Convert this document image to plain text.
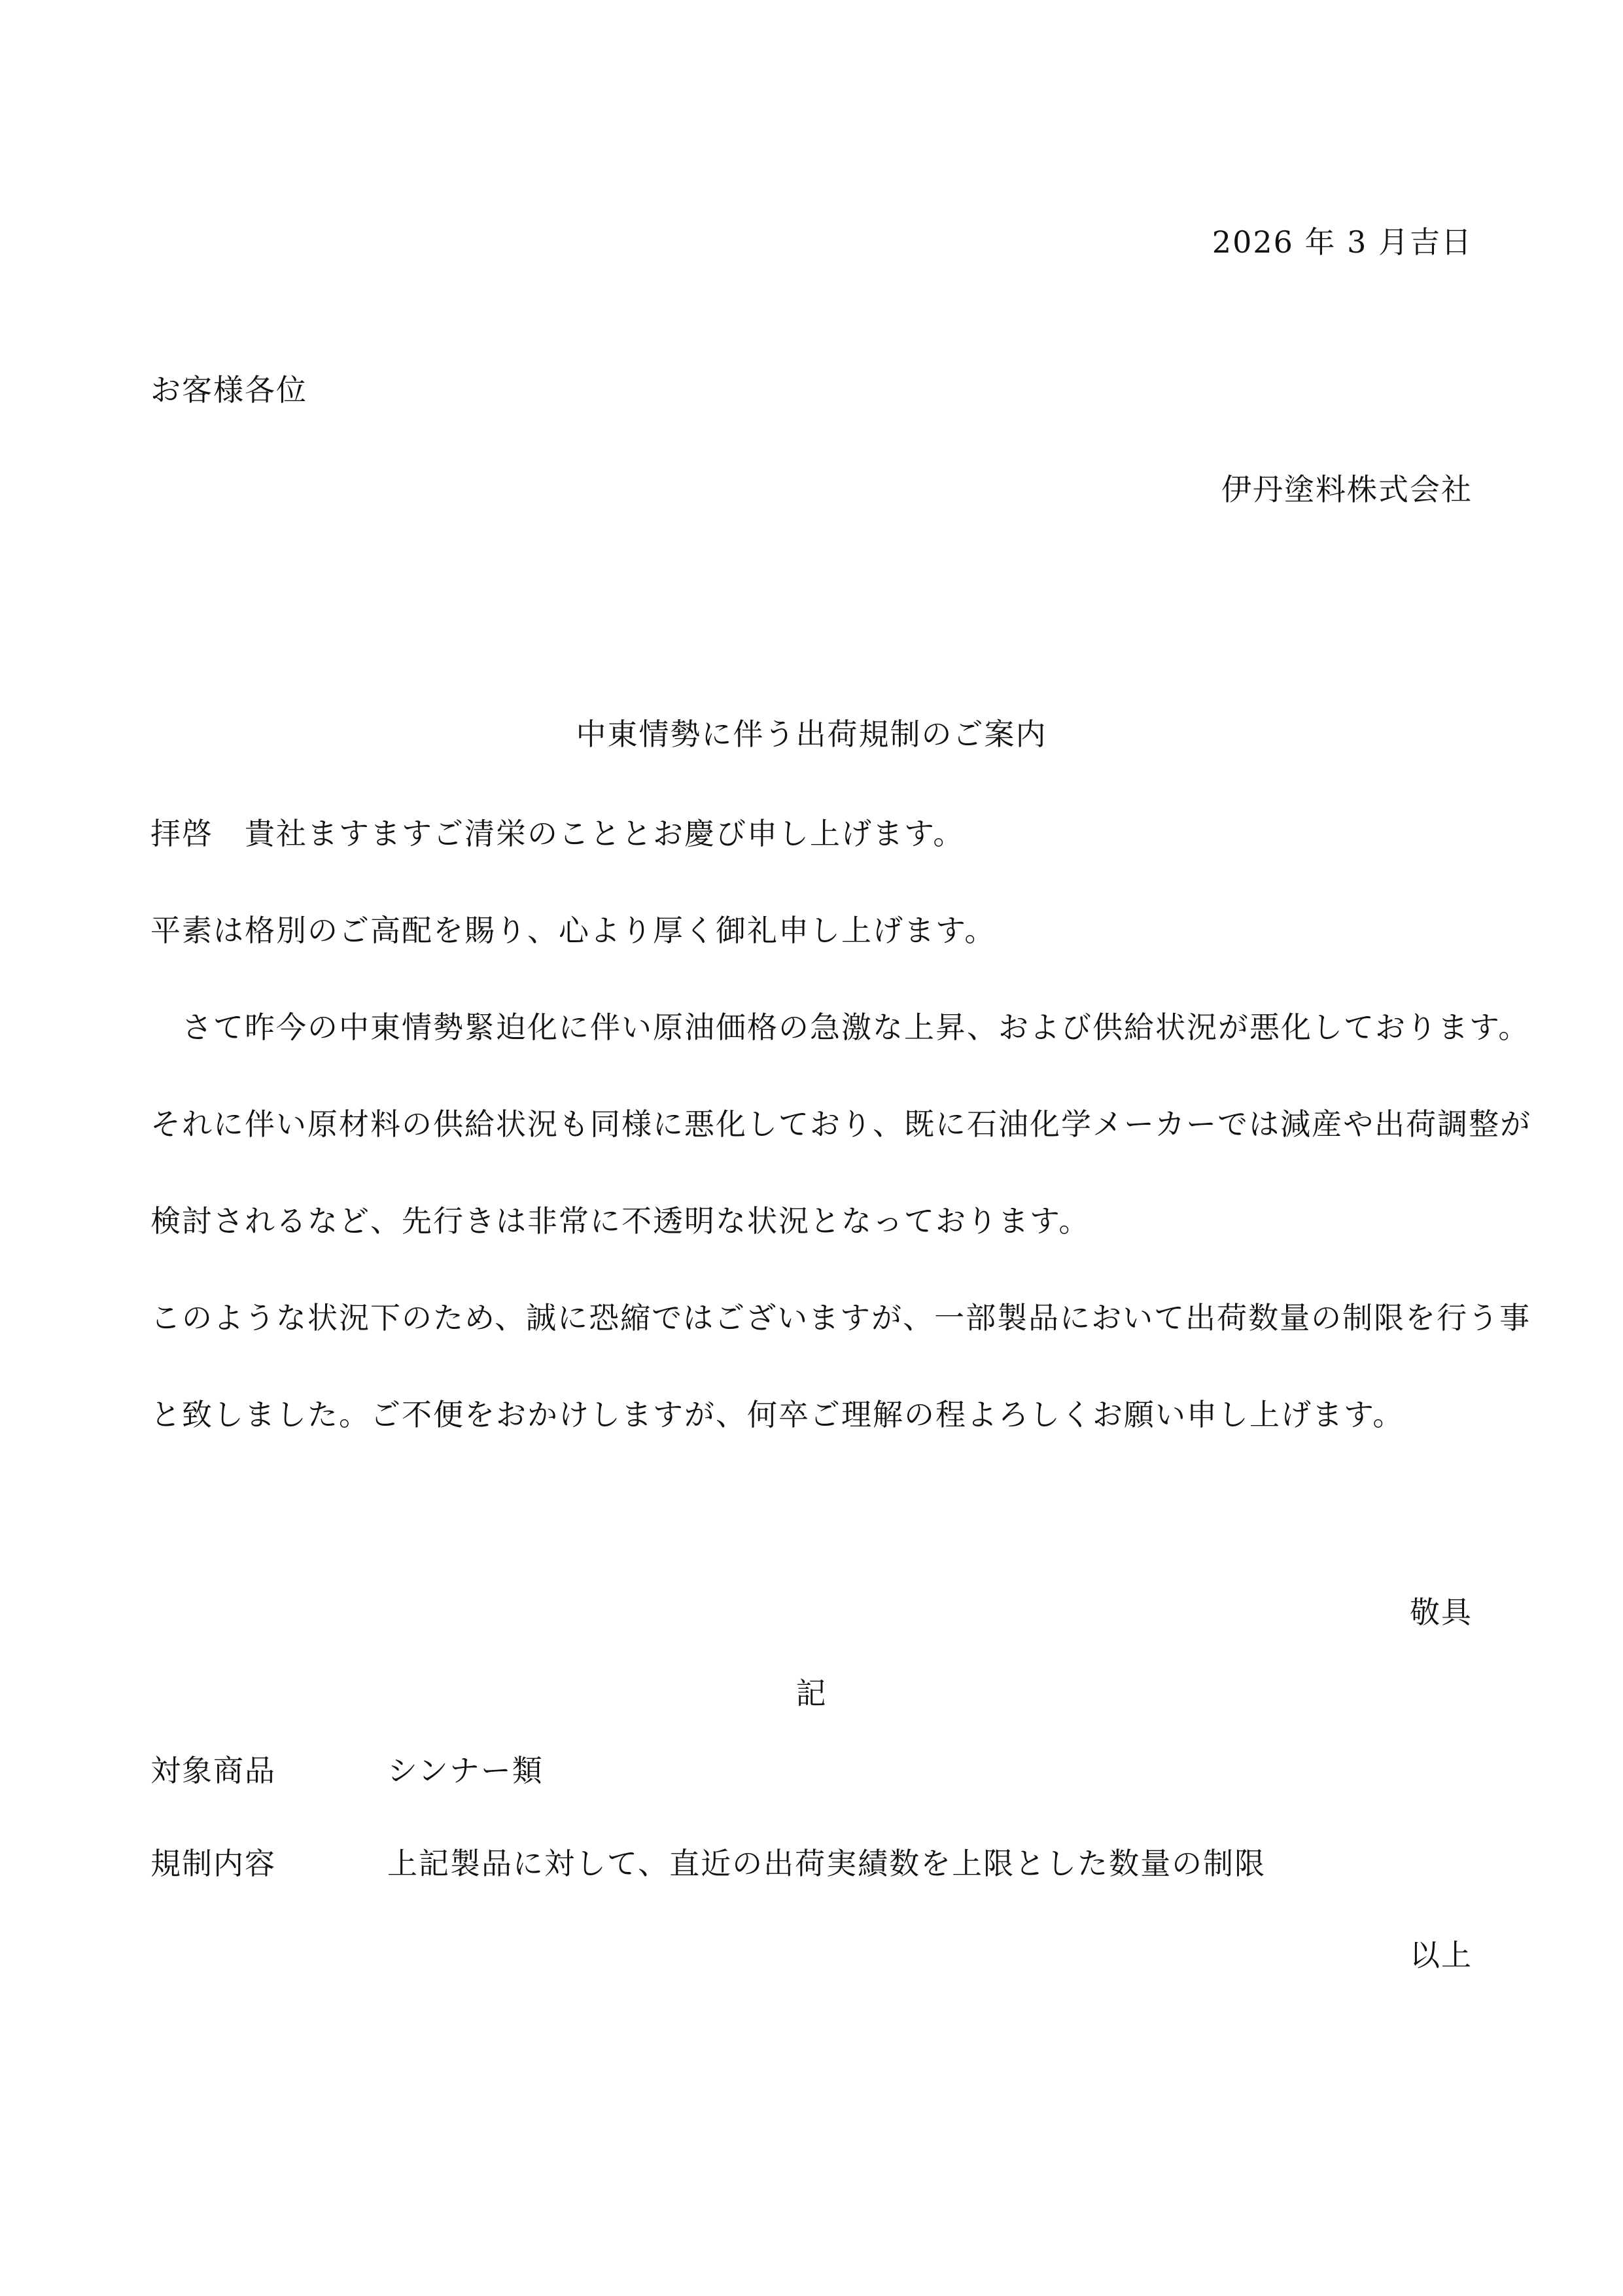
2026 年 3 月吉日
お客様各位
伊丹塗料株式会社
中東情勢に伴う出荷規制のご案内
拝啓　貴社ますますご清栄のこととお慶び申し上げます。
平素は格別のご高配を賜り、心より厚く御礼申し上げます。
　さて昨今の中東情勢緊迫化に伴い原油価格の急激な上昇、および供給状況が悪化しております。
それに伴い原材料の供給状況も同様に悪化しており、既に石油化学メーカーでは減産や出荷調整が
検討されるなど、先行きは非常に不透明な状況となっております。
このような状況下のため、誠に恐縮ではございますが、一部製品において出荷数量の制限を行う事
と致しました。ご不便をおかけしますが、何卒ご理解の程よろしくお願い申し上げます。
敬具
記
対象商品	シンナー類
規制内容	上記製品に対して、直近の出荷実績数を上限とした数量の制限
以上
